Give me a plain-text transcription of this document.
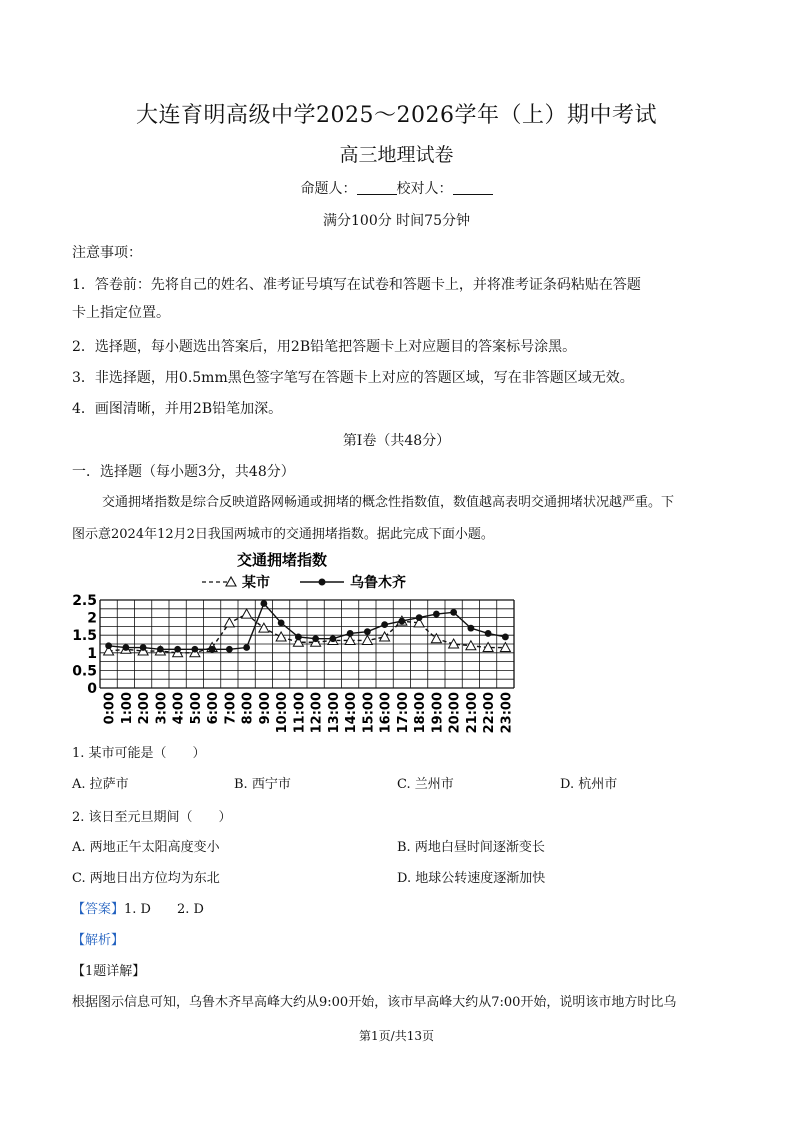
大连育明高级中学2025～2026学年（上）期中考试
高三地理试卷
命题人：	校对人：
满分100分 时间75分钟
注意事项：
1．答卷前：先将自己的姓名、准考证号填写在试卷和答题卡上，并将准考证条码粘贴在答题
卡上指定位置。
2．选择题，每小题选出答案后，用2B铅笔把答题卡上对应题目的答案标号涂黑。
3．非选择题，用0.5mm黑色签字笔写在答题卡上对应的答题区域，写在非答题区域无效。
4．画图清晰，并用2B铅笔加深。
第Ⅰ卷（共48分）
一．选择题（每小题3分，共48分）
交通拥堵指数是综合反映道路网畅通或拥堵的概念性指数值，数值越高表明交通拥堵状况越严重。下
图示意2024年12月2日我国两城市的交通拥堵指数。据此完成下面小题。
交通拥堵指数
某市	乌鲁木齐
0
0.5
1
1.5
2
2.5
0:00 1:00 2:00 3:00 4:00 5:00 6:00 7:00 8:00 9:00 10:00 11:00 12:00 13:00 14:00 15:00 16:00 17:00 18:00 19:00 20:00 21:00 22:00 23:00
1. 某市可能是（　　）
A. 拉萨市	B. 西宁市	C. 兰州市	D. 杭州市
2. 该日至元旦期间（　　）
A. 两地正午太阳高度变小	B. 两地白昼时间逐渐变长
C. 两地日出方位均为东北	D. 地球公转速度逐渐加快
【答案】1. D　　2. D
【解析】
【1题详解】
根据图示信息可知，乌鲁木齐早高峰大约从9:00开始，该市早高峰大约从7:00开始，说明该市地方时比乌
第1页/共13页
